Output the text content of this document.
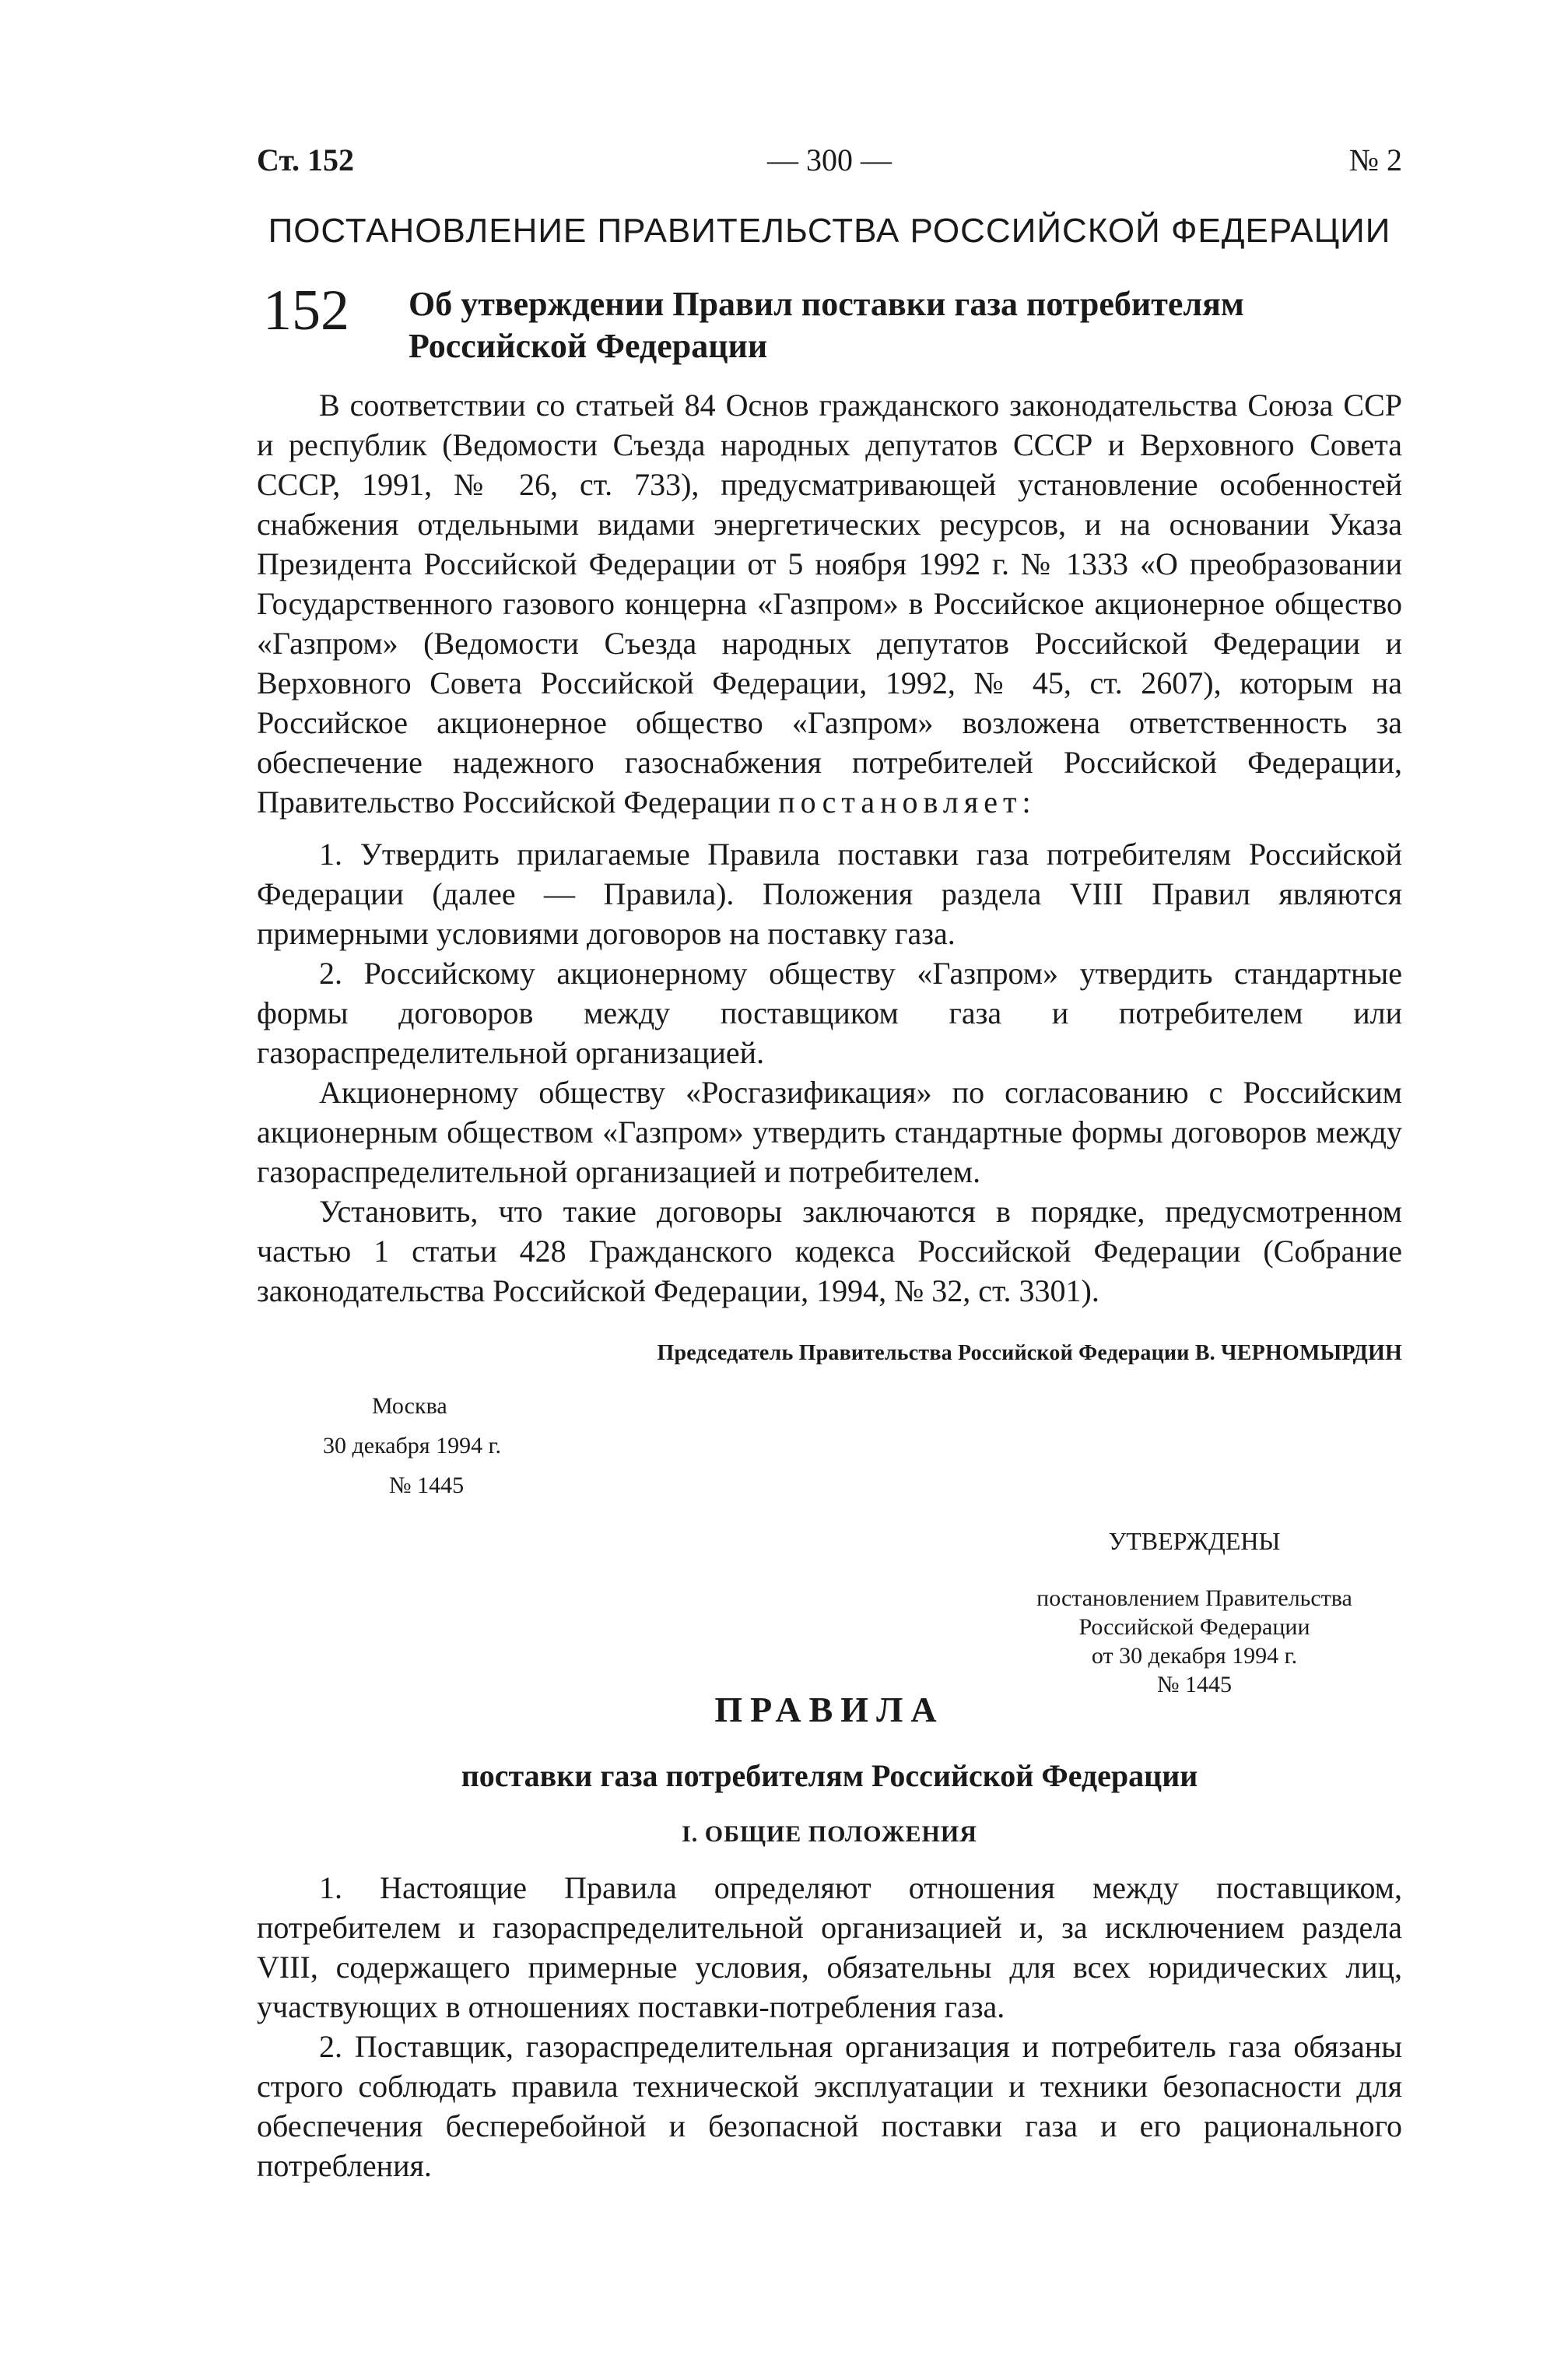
Ст. 152	— 300 —	№ 2
ПОСТАНОВЛЕНИЕ ПРАВИТЕЛЬСТВА РОССИЙСКОЙ ФЕДЕРАЦИИ
152 Об утверждении Правил поставки газа потребителям Российской Федерации

В соответствии со статьей 84 Основ гражданского законодательства Союза ССР и республик (Ведомости Съезда народных депутатов СССР и Верховного Совета СССР, 1991, № 26, ст. 733), предусматривающей установление особенностей снабжения отдельными видами энергетических ресурсов, и на основании Указа Президента Российской Федерации от 5 ноября 1992 г. № 1333 «О преобразовании Государственного газового концерна «Газпром» в Российское акционерное общество «Газпром» (Ведомости Съезда народных депутатов Российской Федерации и Верховного Совета Российской Федерации, 1992, № 45, ст. 2607), которым на Российское акционерное общество «Газпром» возложена ответственность за обеспечение надежного газоснабжения потребителей Российской Федерации, Правительство Российской Федерации постановляет:

1. Утвердить прилагаемые Правила поставки газа потребителям Российской Федерации (далее — Правила). Положения раздела VIII Правил являются примерными условиями договоров на поставку газа.

2. Российскому акционерному обществу «Газпром» утвердить стандартные формы договоров между поставщиком газа и потребителем или газораспределительной организацией.

Акционерному обществу «Росгазификация» по согласованию с Российским акционерным обществом «Газпром» утвердить стандартные формы договоров между газораспределительной организацией и потребителем.

Установить, что такие договоры заключаются в порядке, предусмотренном частью 1 статьи 428 Гражданского кодекса Российской Федерации (Собрание законодательства Российской Федерации, 1994, № 32, ст. 3301).

Председатель Правительства Российской Федерации В. ЧЕРНОМЫРДИН
Москва
30 декабря 1994 г.
№ 1445
УТВЕРЖДЕНЫ
постановлением Правительства
Российской Федерации
от 30 декабря 1994 г.
№ 1445
ПРАВИЛА
поставки газа потребителям Российской Федерации
I. ОБЩИЕ ПОЛОЖЕНИЯ

1. Настоящие Правила определяют отношения между поставщиком, потребителем и газораспределительной организацией и, за исключением раздела VIII, содержащего примерные условия, обязательны для всех юридических лиц, участвующих в отношениях поставки-потребления газа.

2. Поставщик, газораспределительная организация и потребитель газа обязаны строго соблюдать правила технической эксплуатации и техники безопасности для обеспечения бесперебойной и безопасной поставки газа и его рационального потребления.
